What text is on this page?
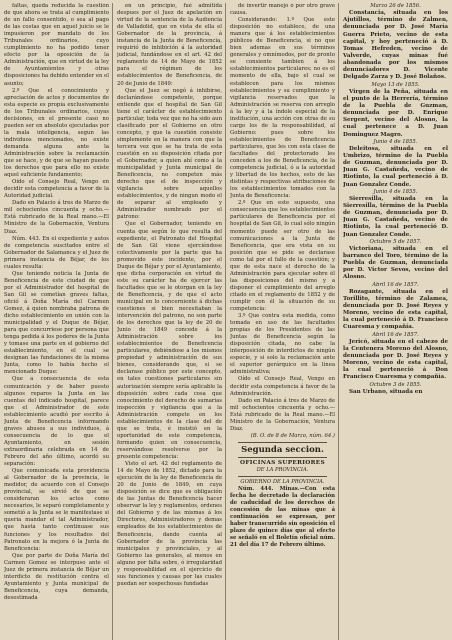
faltas, queda reducida la cuestión de que ahora se trata al cumplimiento de un fallo consentido, o sea al pago de las costas que en aquel juicio se le impusieron por mandato de los Tribunales ordinarios, cuyo cumplimiento no ha podido tener efecto por la oposición de la Administración, que en virtud de la ley de Ayuntamientos y otras disposiciones ha debido entender en el asunto;

2.º Que el conocimiento y apreciación de actos y documentos de esta especie es propia exclusivamente de los Tribunales ordinarios, cuyas decisiones, en el presente caso no pueden ser en absoluto ejecutadas por la mala inteligencia, segun las individuos mencionados, no existe demanda alguna ante la Administración sobre la reclamación que se hace, y de que se hayan puesto los derechos que para ello no existe aquel suficiente fundamento;

Oido el Consejo Real, Vengo en decidir esta competencia a favor de la Autoridad judicial.

Dado en Palacio á tres de Marzo de mil ochocientos cincuenta y ocho.—Está rubricado de la Real mano.—El Ministro de la Gobernación, Ventura Diaz.

Núm. 443. En el expediente y autos de competencia suscitados entre el Gobernador de Salamanca y el Juez de primera instancia de Béjar, de los cuales resulta:

Que teniendo noticia la Junta de Beneficencia de este ciudad de que por el Administrador del hospital de San Gil se cometían graves faltas, ofició á Doña María del Carmen Gomez, á quien nombraba patrona de dicho establecimiento en unión con la municipalidad y el Duque de Béjar, para que concurriese por persona que tenga pedida á los poderes de la Junta y tomase una parte en el gobierno del establecimiento, en el cual se designan las fundaciones de la misma Junta, como lo había hecho el mencionado Duque:

Que a consecuencia de esta comunicación y de haber puesto algunos reparos la Junta en las cuentas del indicado hospital, parece que el Administrador de este establecimiento acudió por escrito á Junta de Beneficencia informando graves abusos a sus individuos, á consecuencia de lo que el Ayuntamiento, en sesión extraordinaria celebrada en 14 de Febrero del año último, acordó su separación:

Que comunicada esta providencia al Gobernador de la provincia, le medidor, de acuerdo con el Consejo provincial, se sirvió de que se consideraran los actos como necesarios, le separó completamente y sometió a la Junta se le manifestase si queria mandar el tal Administrador, que hasta tanto continuase sus funciones y los resultados del Patronato en la mejora ó la Junta de Beneficencia:

Que por parte de Doña María del Carmen Gomez se interpuso ante el Juez de primera instancia de Béjar un interdicto de restitución contra el Ayuntamiento y Junta municipal de Beneficencia, cuya demanda, desestimada

en un principio, fué admitida despues por el Juez de apelación en virtud de la sentencia de la Audiencia de Valladolid, que en vista de ella el Gobernador de la provincia, á instancia de la Junta de Beneficencia, requirió de inhibición á la autoridad judicial, fundándose en el art. 42 del reglamento de 14 de Mayo de 1852 para el régimen de los establecimientos de Beneficencia, de 20 de Junio de 1849:

Que el Juez se negó á inhibirse, declarándose competente, porque entiende que el hospital de San Gil tiene el carácter de establecimiento particular, toda vez que no ha sido aun clasificado por el Gobierno en otro concepto, y que la cuestión consiste simplemente en la manera con que la tercera vez que se ha trata de esta cuestión en su disposición citada por el Gobernador, a quien ahí como á la municipalidad y Junta municipal de Beneficencia, no competen más derecho que el de inspección y vigilancia sobre aquellos establecimientos, y de ningun modo el de separar al empleado y Administrador nombrado por el patrono:

Que el Gobernador, teniendo en cuenta que según lo que resulta del expediente, el Patronato del Hospital de San Gil viene ejerciéndose colectivamente por la parte que ha promovido este incidente, por el Duque de Béjar y por el Ayuntamiento, que dicha corporación en virtud de este su carácter ha de ejercer las facultades que se le otorgan en la ley de Beneficencia, y de que el acto municipal en lo concerniente á dichas cuestiones si bien necesitaban la intervención del patrono, no son parte de los derechos que la ley de 20 de Junio de 1849 concede á la Administración sobre los establecimientos de Beneficencia particulares, debiéndose a los mismos propiedad y administración de sus bienes, considerando que, si se declarase público por este concepto, en tales cuestiones particulares sin autorización siempre sería aplicable la disposición sobre cada cosa que conocimiento del derecho de sumarias inspección y vigilancia que a la Administración compete en los establecimientos de la clase del de que se trata, é insistió en la oportunidad de este competencia, formando quien en consecuencia, reservándose resolverse por la presente competencia:

Visto el art. 42 del reglamento de 14 de Mayo de 1852, dictado para la ejecución de la ley de Beneficencia de 20 de Junio de 1849, en cuya disposición se dice que es obligación de las Juntas de Beneficencia hacer observar la ley y reglamentos, ordenes del Gobierno y de las mismas á los Directores, Administradores y demas empleados de los establecimientos de Beneficencia, dando cuenta al Gobernador de la provincia las municipales y provinciales, y al Gobierno las generales, al menos en alguno por falta sobre, ó irregularidad y responsabilidad en el ejercicio de sus funciones y causas por las cuales puedan ser sospechosas fundadas

de invertir manejo ó por otro grave causa.

Considerando: 1.º Que este disposición no establece, de una manera que á los establecimientos públicos de Beneficencia, si no que bien ademas en sus términos generales y omnímodos, por de pronto se consiente tambien á los establecimientos particulares; no es el momento de ella, bajo el cual se establecen para los mismos establecimientos y su cumplimiento y vigilancia reservados que la Administración se reserva con arreglo á la ley y á la índole especial de la institución, una acción con otras de su cargo los de la responsabilidad, al Gobierno: pues sobre los establecimientos de Beneficencia particulares, que les con esta clase de facultades del protectorado les conceden a los de Beneficencia, de la competencia judicial, ó a la autoridad y libertad de los hechos, esto de las distintas y respectivas atribuciones de los establecimientos tomados con la Junta de Beneficencia:

2.º Que en este supuesto, una consecuencia que los establecimientos particulares de Beneficencia por el hospital de San Gil, lo cual sólo ningún momento puede ser otro de las comunicaciones a la Junta de Beneficencia, que era vista en su posición que se pide se declarase como tal por el fallo de la cuestión; y que de esta nace el derecho de la Administración para ejecutar sobre él las disposiciones del mismo y a disponer el cumplimiento del arreglo citado en el reglamento de 1852 y de cumplir con él la situación de su competencia:

3.º Que contra esta medida, como tomada en uso de las facultades propias de los Presidentes de las Juntas de Beneficencia según la disposición citada, no cabe la interposición de interdictos de ningún especie, y si solo la reclamación ante el superior gerárquico en la línea administrativa;

Oído el Consejo Real, Vengo en decidir esta competencia á favor de la Administración.

Dado en Palacio á tres de Marzo de mil ochocientos cincuenta y ocho.—Está rubricado de la Real mano.—El Ministro de la Gobernación, Ventura Diaz.

(B. O. de 8 de Marzo, núm. 64.)
Segunda seccion.
OFICINAS SUPERIORES
DE LA PROVINCIA.
GOBIERNO DE LA PROVINCIA.

Núm. 444. Minas.—Con esta fecha he decretado la declaración de caducidad de los derechos de concesión de las minas que á continuación se expresan, por haber transcurrido sin oposición el plazo de quince días que al efecto se señaló en el Boletín oficial núm. 21 del día 17 de Febrero último.

Marzo 26 de 1856.

Constancia, situada en los Ajutillos, término de Zalmen, denunciada por D. José María Guerra Prieto, vecino de esta capital, y hoy perteneció á D. Tomas Hefreden, vecino de Valverde, cuyas minas fué abandonada por los mismos denunciadores D. Vicente Delgado Zarza y D. José Bolaños.

Mayo 13 de 1855.

Virgen de la Peña, situada en el punto de la Herrería, término de la Puebla de Guzman, denunciada por D. Enrique Sergent, vecino del Alosno, la cual pertenece a D. Juan Dominguez Magro.

Junio 4 de 1855.

Deleitosa, situada en el Umbrizo, término de la Puebla de Guzman, denunciada por D. Juan G. Castañeda, vecino de Riotinto, la cual perteneció á D. Juan Gonzalez Conde.

Junio 4 de 1855.

Sierresilla, situada en la Sierresilla, término de la Puebla de Guzman, denunciada por D. Juan G. Castañeda, vecino de Riotinto, la cual perteneció D. Juan Gonzalez Conde.

Octubre 5 de 1857.

Victoriana, situada en el barranco del Toro, término de la Puebla de Guzman, denunciada por D. Victor Sevos, vecino del Alosno.

Abril 16 de 1857.

Rozagante, situada en el Torillito, término de Zalamea, denunciada por D. José Reyes y Moreno, vecino de esta capital, la cual perteneció á D. Francisco Cuaresma y compañía.

Abril 16 de 1857.

Jericó, situada en el cabezo de la Centenera Moreno del Alosno, denunciada por D. José Reyes y Moreno, vecino de esta capital, la cual perteneció á Don Francisco Cuaresma y compañía.

Octubre 3 de 1855.

San Urbano, situada en
